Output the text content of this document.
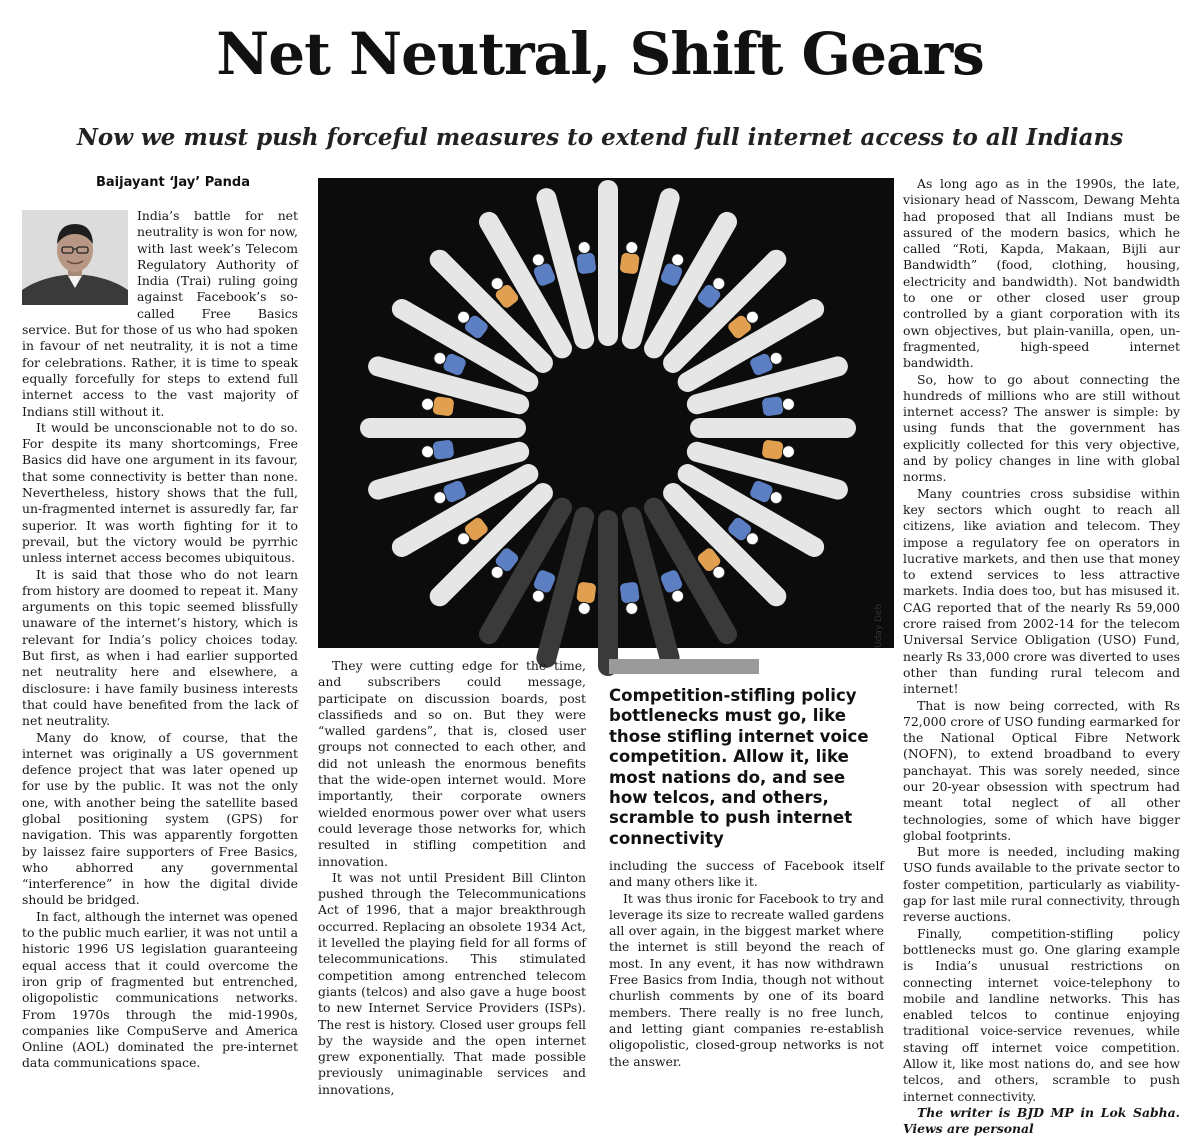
Net Neutral, Shift Gears
Now we must push forceful measures to extend full internet access to all Indians
Baijayant ‘Jay’ Panda

India’s battle for net neutrality is won for now, with last week’s Telecom Regulatory Authority of India (Trai) ruling going against Facebook’s so-called Free Basics service. But for those of us who had spoken in favour of net neutrality, it is not a time for celebrations. Rather, it is time to speak equally forcefully for steps to extend full internet access to the vast majority of Indians still without it.

It would be unconscionable not to do so. For despite its many shortcomings, Free Basics did have one argument in its favour, that some connectivity is better than none. Nevertheless, history shows that the full, un-fragmented internet is assuredly far, far superior. It was worth fighting for it to prevail, but the victory would be pyrrhic unless internet access becomes ubiquitous.

It is said that those who do not learn from history are doomed to repeat it. Many arguments on this topic seemed blissfully unaware of the internet’s history, which is relevant for India’s policy choices today. But first, as when i had earlier supported net neutrality here and elsewhere, a disclosure: i have family business interests that could have benefited from the lack of net neutrality.

Many do know, of course, that the internet was originally a US government defence project that was later opened up for use by the public. It was not the only one, with another being the satellite based global positioning system (GPS) for navigation. This was apparently forgotten by laissez faire supporters of Free Basics, who abhorred any governmental “interference” in how the digital divide should be bridged.

In fact, although the internet was opened to the public much earlier, it was not until a historic 1996 US legislation guaranteeing equal access that it could overcome the iron grip of fragmented but entrenched, oligopolistic communications networks. From 1970s through the mid-1990s, companies like CompuServe and America Online (AOL) dominated the pre-internet data communications space.

Uday Deb

They were cutting edge for the time, and subscribers could message, participate on discussion boards, post classifieds and so on. But they were “walled gardens”, that is, closed user groups not connected to each other, and did not unleash the enormous benefits that the wide-open internet would. More importantly, their corporate owners wielded enormous power over what users could leverage those networks for, which resulted in stifling competition and innovation.

It was not until President Bill Clinton pushed through the Telecommunications Act of 1996, that a major breakthrough occurred. Replacing an obsolete 1934 Act, it levelled the playing field for all forms of telecommunications. This stimulated competition among entrenched telecom giants (telcos) and also gave a huge boost to new Internet Service Providers (ISPs). The rest is history. Closed user groups fell by the wayside and the open internet grew exponentially. That made possible previously unimaginable services and innovations,

Competition-stifling policy bottlenecks must go, like those stifling internet voice competition. Allow it, like most nations do, and see how telcos, and others, scramble to push internet connectivity

including the success of Facebook itself and many others like it.

It was thus ironic for Facebook to try and leverage its size to recreate walled gardens all over again, in the biggest market where the internet is still beyond the reach of most. In any event, it has now withdrawn Free Basics from India, though not without churlish comments by one of its board members. There really is no free lunch, and letting giant companies re-establish oligopolistic, closed-group networks is not the answer.

As long ago as in the 1990s, the late, visionary head of Nasscom, Dewang Mehta had proposed that all Indians must be assured of the modern basics, which he called “Roti, Kapda, Makaan, Bijli aur Bandwidth” (food, clothing, housing, electricity and bandwidth). Not bandwidth to one or other closed user group controlled by a giant corporation with its own objectives, but plain-vanilla, open, un-fragmented, high-speed internet bandwidth.

So, how to go about connecting the hundreds of millions who are still without internet access? The answer is simple: by using funds that the government has explicitly collected for this very objective, and by policy changes in line with global norms.

Many countries cross subsidise within key sectors which ought to reach all citizens, like aviation and telecom. They impose a regulatory fee on operators in lucrative markets, and then use that money to extend services to less attractive markets. India does too, but has misused it. CAG reported that of the nearly Rs 59,000 crore raised from 2002-14 for the telecom Universal Service Obligation (USO) Fund, nearly Rs 33,000 crore was diverted to uses other than funding rural telecom and internet!

That is now being corrected, with Rs 72,000 crore of USO funding earmarked for the National Optical Fibre Network (NOFN), to extend broadband to every panchayat. This was sorely needed, since our 20-year obsession with spectrum had meant total neglect of all other technologies, some of which have bigger global footprints.

But more is needed, including making USO funds available to the private sector to foster competition, particularly as viability-gap for last mile rural connectivity, through reverse auctions.

Finally, competition-stifling policy bottlenecks must go. One glaring example is India’s unusual restrictions on connecting internet voice-telephony to mobile and landline networks. This has enabled telcos to continue enjoying traditional voice-service revenues, while staving off internet voice competition. Allow it, like most nations do, and see how telcos, and others, scramble to push internet connectivity.

The writer is BJD MP in Lok Sabha. Views are personal
